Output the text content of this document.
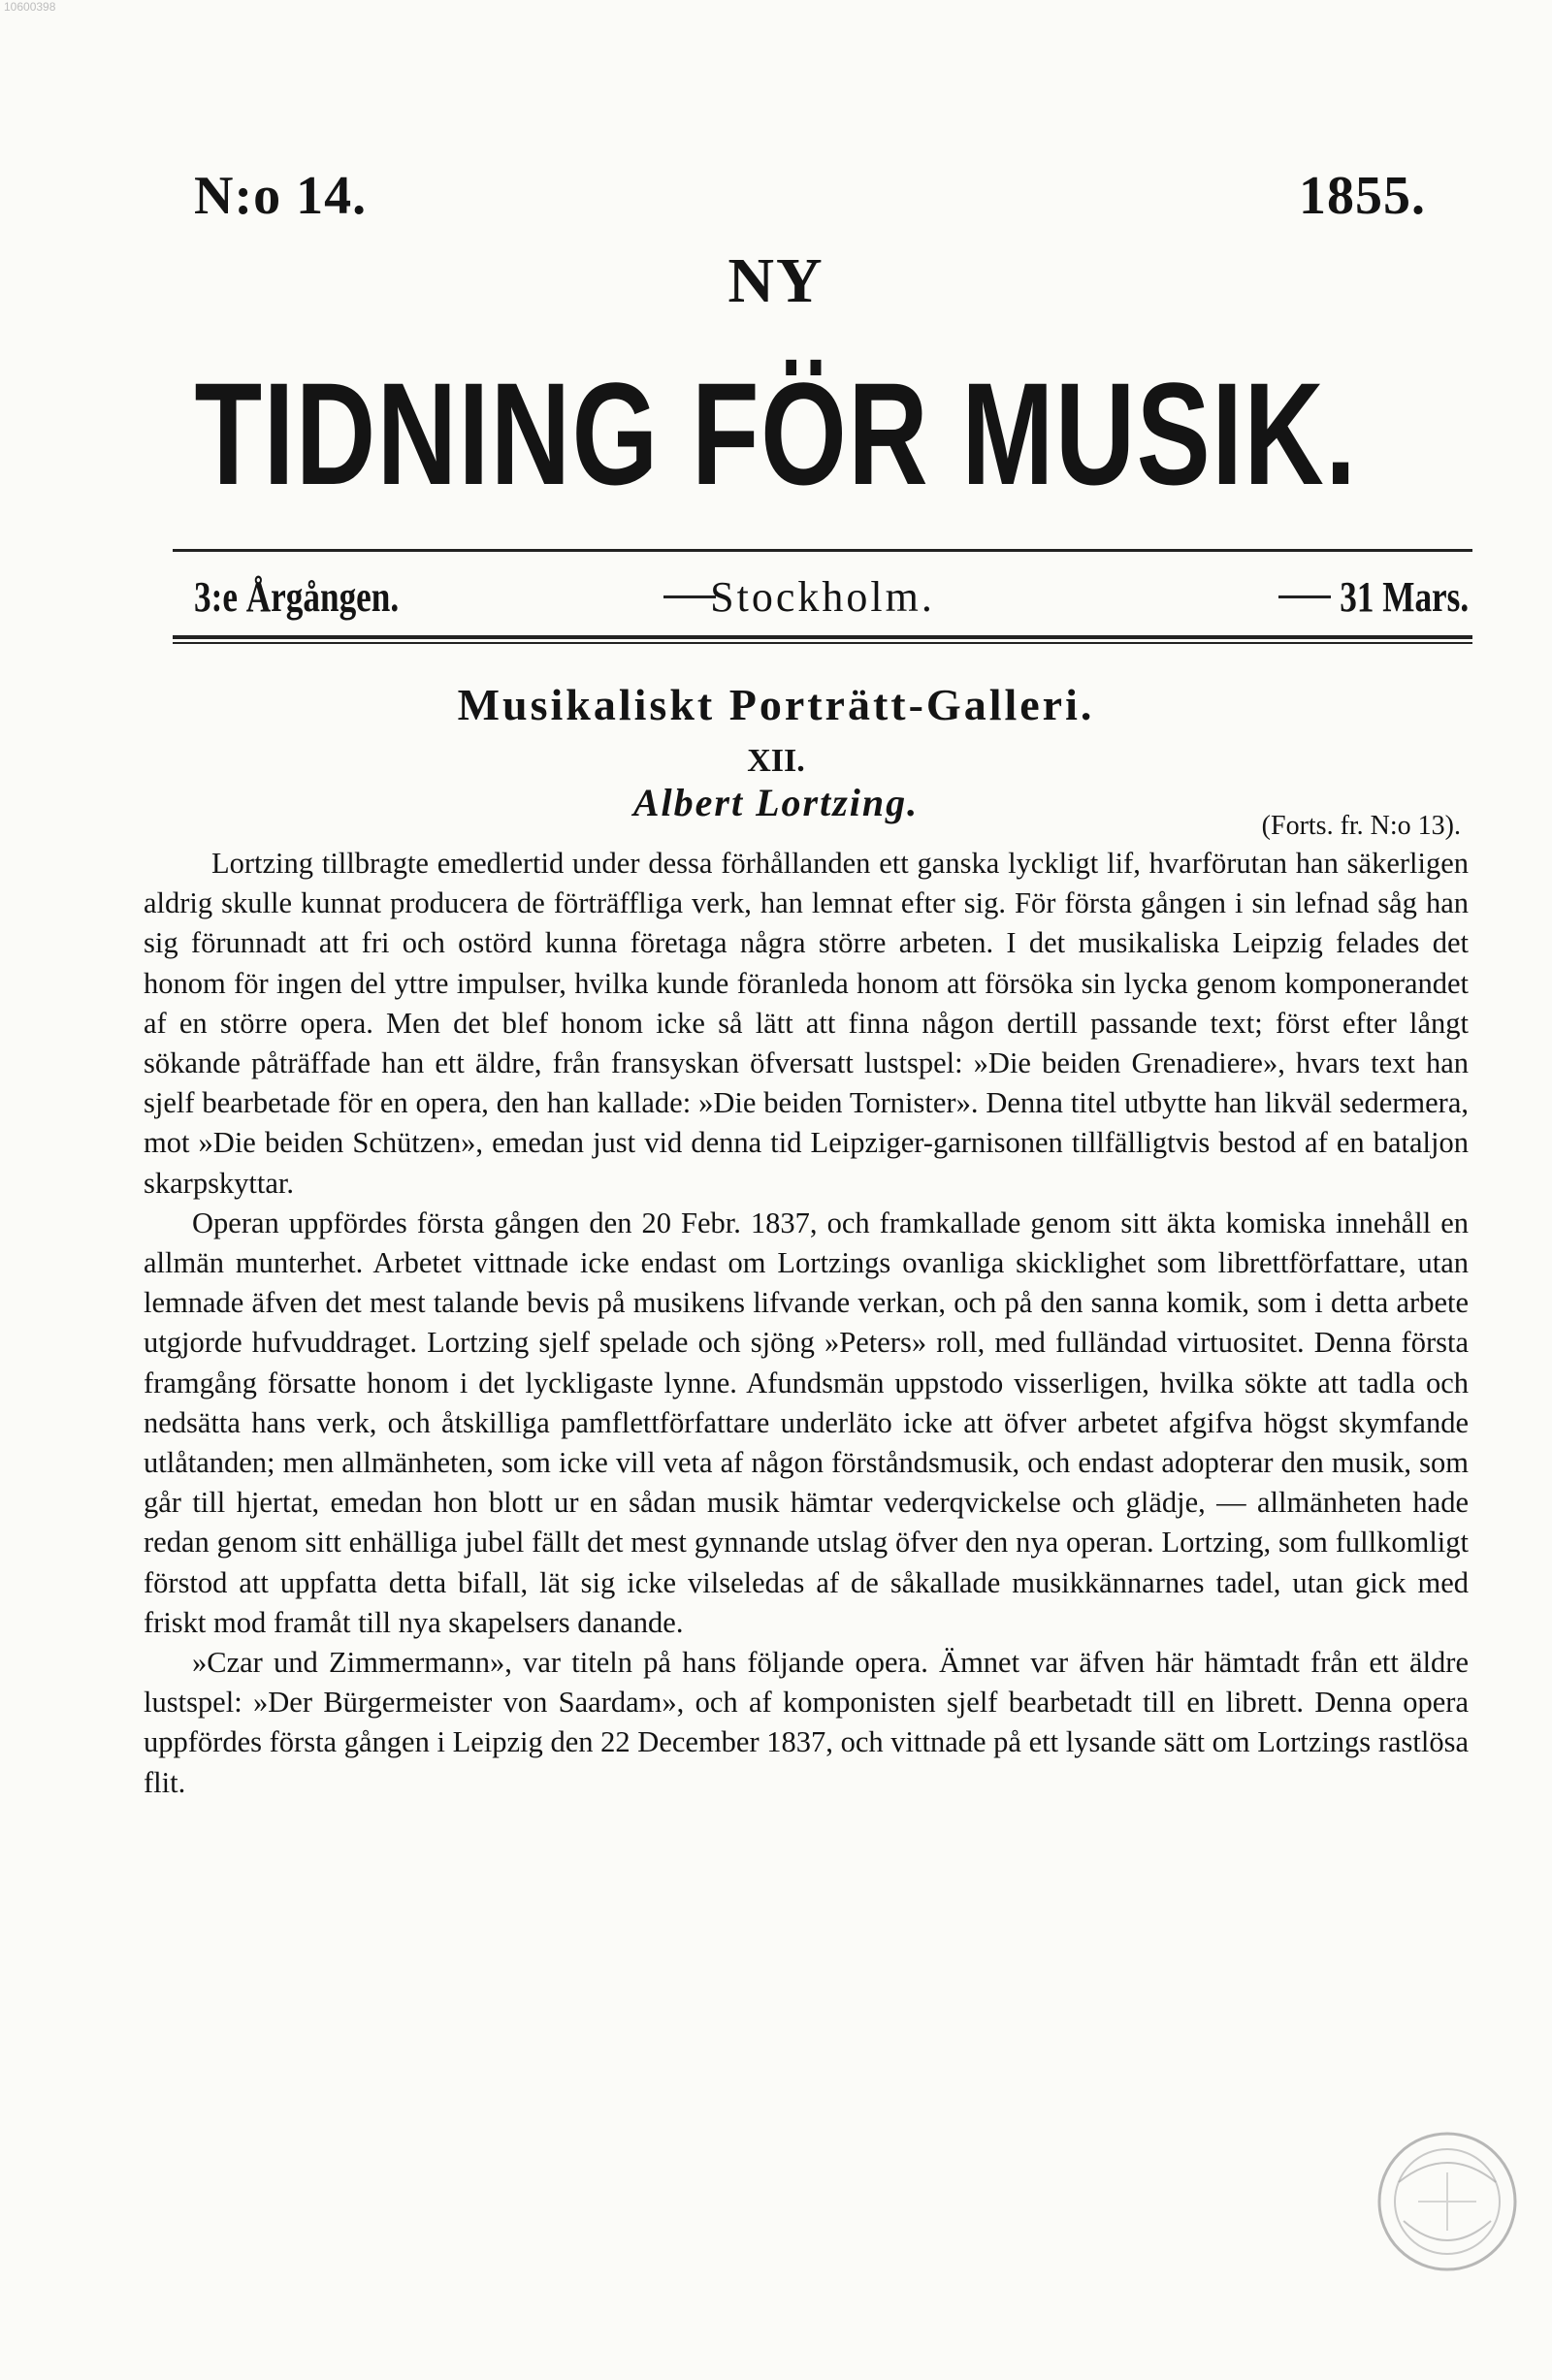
10600398
N:o 14.	1855.
NY
TIDNING FÖR MUSIK.
3:e Årgången.	Stockholm.	31 Mars.
Musikaliskt Porträtt-Galleri.
XII.
Albert Lortzing.
(Forts. fr. N:o 13).

Lortzing tillbragte emedlertid under dessa förhållanden ett ganska lyckligt lif, hvarförutan han säkerligen aldrig skulle kunnat producera de förträffliga verk, han lemnat efter sig. För första gången i sin lefnad såg han sig förunnadt att fri och ostörd kunna företaga några större arbeten. I det musikaliska Leipzig felades det honom för ingen del yttre impulser, hvilka kunde föranleda honom att försöka sin lycka genom komponerandet af en större opera. Men det blef honom icke så lätt att finna någon dertill passande text; först efter långt sökande påträffade han ett äldre, från fransyskan öfversatt lustspel: »Die beiden Grenadiere», hvars text han sjelf bearbetade för en opera, den han kallade: »Die beiden Tornister». Denna titel utbytte han likväl sedermera, mot »Die beiden Schützen», emedan just vid denna tid Leipziger-garnisonen tillfälligtvis bestod af en bataljon skarpskyttar.

Operan uppfördes första gången den 20 Febr. 1837, och framkallade genom sitt äkta komiska innehåll en allmän munterhet. Arbetet vittnade icke endast om Lortzings ovanliga skicklighet som librettförfattare, utan lemnade äfven det mest talande bevis på musikens lifvande verkan, och på den sanna komik, som i detta arbete utgjorde hufvuddraget. Lortzing sjelf spelade och sjöng »Peters» roll, med fulländad virtuositet. Denna första framgång försatte honom i det lyckligaste lynne. Afundsmän uppstodo visserligen, hvilka sökte att tadla och nedsätta hans verk, och åtskilliga pamflettförfattare underläto icke att öfver arbetet afgifva högst skymfande utlåtanden; men allmänheten, som icke vill veta af någon förståndsmusik, och endast adopterar den musik, som går till hjertat, emedan hon blott ur en sådan musik hämtar vederqvickelse och glädje, — allmänheten hade redan genom sitt enhälliga jubel fällt det mest gynnande utslag öfver den nya operan. Lortzing, som fullkomligt förstod att uppfatta detta bifall, lät sig icke vilseledas af de såkallade musikkännarnes tadel, utan gick med friskt mod framåt till nya skapelsers danande.

»Czar und Zimmermann», var titeln på hans följande opera. Ämnet var äfven här hämtadt från ett äldre lustspel: »Der Bürgermeister von Saardam», och af komponisten sjelf bearbetadt till en librett. Denna opera uppfördes första gången i Leipzig den 22 December 1837, och vittnade på ett lysande sätt om Lortzings rastlösa flit.
